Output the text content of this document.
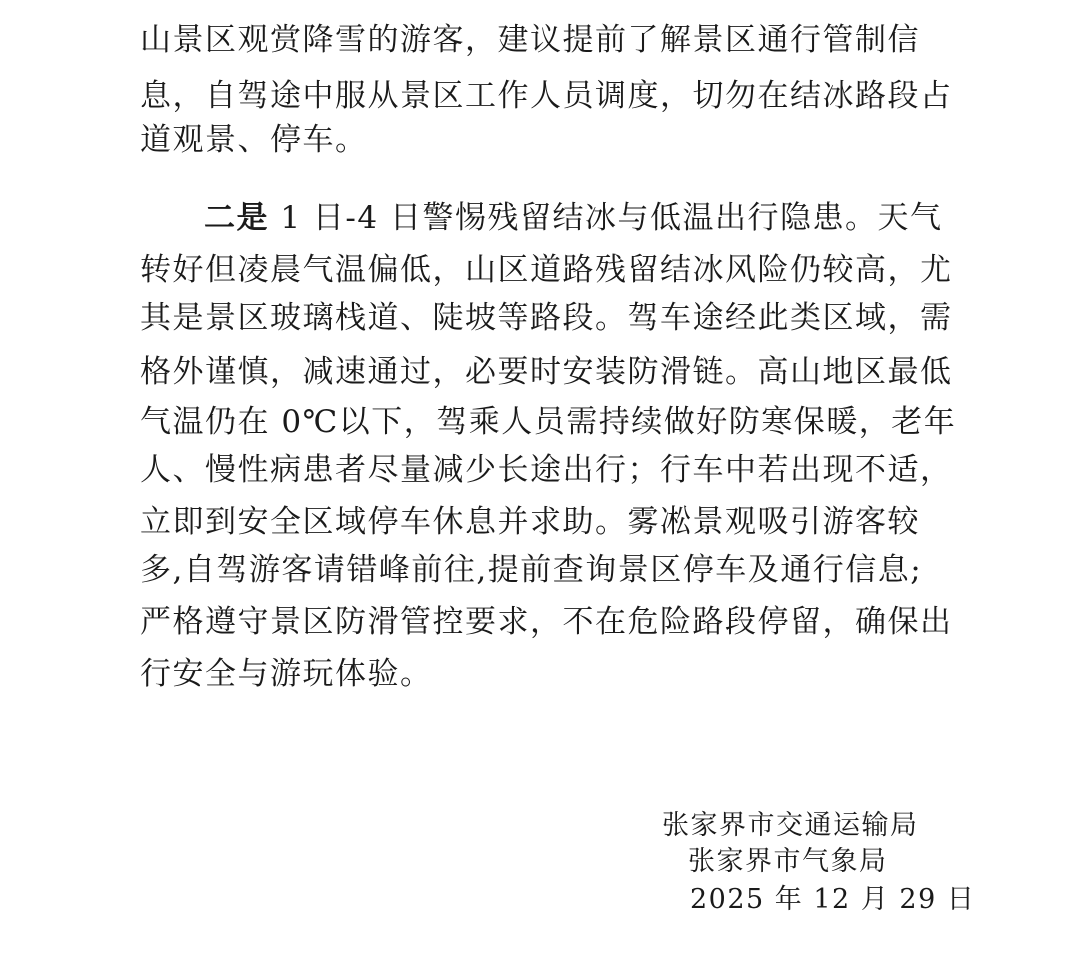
山景区观赏降雪的游客，建议提前了解景区通行管制信
息，自驾途中服从景区工作人员调度，切勿在结冰路段占
道观景、停车。
二是 1 日-4 日警惕残留结冰与低温出行隐患。天气
转好但凌晨气温偏低，山区道路残留结冰风险仍较高，尤
其是景区玻璃栈道、陡坡等路段。驾车途经此类区域，需
格外谨慎，减速通过，必要时安装防滑链。高山地区最低
气温仍在 0℃以下，驾乘人员需持续做好防寒保暖，老年
人、慢性病患者尽量减少长途出行；行车中若出现不适，
立即到安全区域停车休息并求助。雾凇景观吸引游客较
多,自驾游客请错峰前往,提前查询景区停车及通行信息;
严格遵守景区防滑管控要求，不在危险路段停留，确保出
行安全与游玩体验。
张家界市交通运输局
张家界市气象局
2025 年 12 月 29 日
